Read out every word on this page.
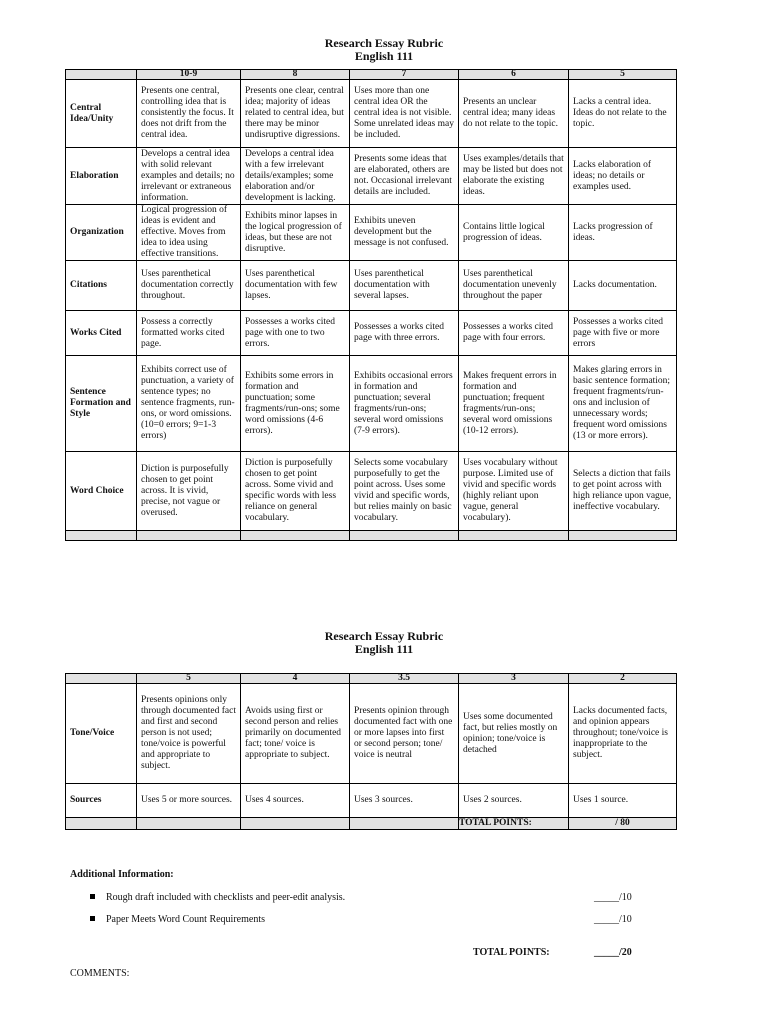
Research Essay Rubric
English 111
	10-9	8	7	6	5
Central Idea/Unity	Presents one central, controlling idea that is consistently the focus. It does not drift from the central idea.	Presents one clear, central idea; majority of ideas related to central idea, but there may be minor undisruptive digressions.	Uses more than one central idea OR the central idea is not visible. Some unrelated ideas may be included.	Presents an unclear central idea; many ideas do not relate to the topic.	Lacks a central idea. Ideas do not relate to the topic.
Elaboration	Develops a central idea with solid relevant examples and details; no irrelevant or extraneous information.	Develops a central idea with a few irrelevant details/examples; some elaboration and/or development is lacking.	Presents some ideas that are elaborated, others are not. Occasional irrelevant details are included.	Uses examples/details that may be listed but does not elaborate the existing ideas.	Lacks elaboration of ideas; no details or examples used.
Organization	Logical progression of ideas is evident and effective. Moves from idea to idea using effective transitions.	Exhibits minor lapses in the logical progression of ideas, but these are not disruptive.	Exhibits uneven development but the message is not confused.	Contains little logical progression of ideas.	Lacks progression of ideas.
Citations	Uses parenthetical documentation correctly throughout.	Uses parenthetical documentation with few lapses.	Uses parenthetical documentation with several lapses.	Uses parenthetical documentation unevenly throughout the paper	Lacks documentation.
Works Cited	Possess a correctly formatted works cited page.	Possesses a works cited page with one to two errors.	Possesses a works cited page with three errors.	Possesses a works cited page with four errors.	Possesses a works cited page with five or more errors
Sentence Formation and Style	Exhibits correct use of punctuation, a variety of sentence types; no sentence fragments, run-ons, or word omissions. (10=0 errors; 9=1-3 errors)	Exhibits some errors in formation and punctuation; some fragments/run-ons; some word omissions (4-6 errors).	Exhibits occasional errors in formation and punctuation; several fragments/run-ons; several word omissions (7-9 errors).	Makes frequent errors in formation and punctuation; frequent fragments/run-ons; several word omissions (10-12 errors).	Makes glaring errors in basic sentence formation; frequent fragments/run-ons and inclusion of unnecessary words; frequent word omissions (13 or more errors).
Word Choice	Diction is purposefully chosen to get point across. It is vivid, precise, not vague or overused.	Diction is purposefully chosen to get point across. Some vivid and specific words with less reliance on general vocabulary.	Selects some vocabulary purposefully to get the point across. Uses some vivid and specific words, but relies mainly on basic vocabulary.	Uses vocabulary without purpose. Limited use of vivid and specific words (highly reliant upon vague, general vocabulary).	Selects a diction that fails to get point across with high reliance upon vague, ineffective vocabulary.

Research Essay Rubric
English 111
	5	4	3.5	3	2
Tone/Voice	Presents opinions only through documented fact and first and second person is not used; tone/voice is powerful and appropriate to subject.	Avoids using first or second person and relies primarily on documented fact; tone/ voice is appropriate to subject.	Presents opinion through documented fact with one or more lapses into first or second person; tone/ voice is neutral	Uses some documented fact, but relies mostly on opinion; tone/voice is detached	Lacks documented facts, and opinion appears throughout; tone/voice is inappropriate to the subject.
Sources	Uses 5 or more sources.	Uses 4 sources.	Uses 3 sources.	Uses 2 sources.	Uses 1 source.
				TOTAL POINTS:	/ 80
Additional Information:
Rough draft included with checklists and peer-edit analysis.	_____/10
Paper Meets Word Count Requirements	_____/10
TOTAL POINTS:	_____/20
COMMENTS:
